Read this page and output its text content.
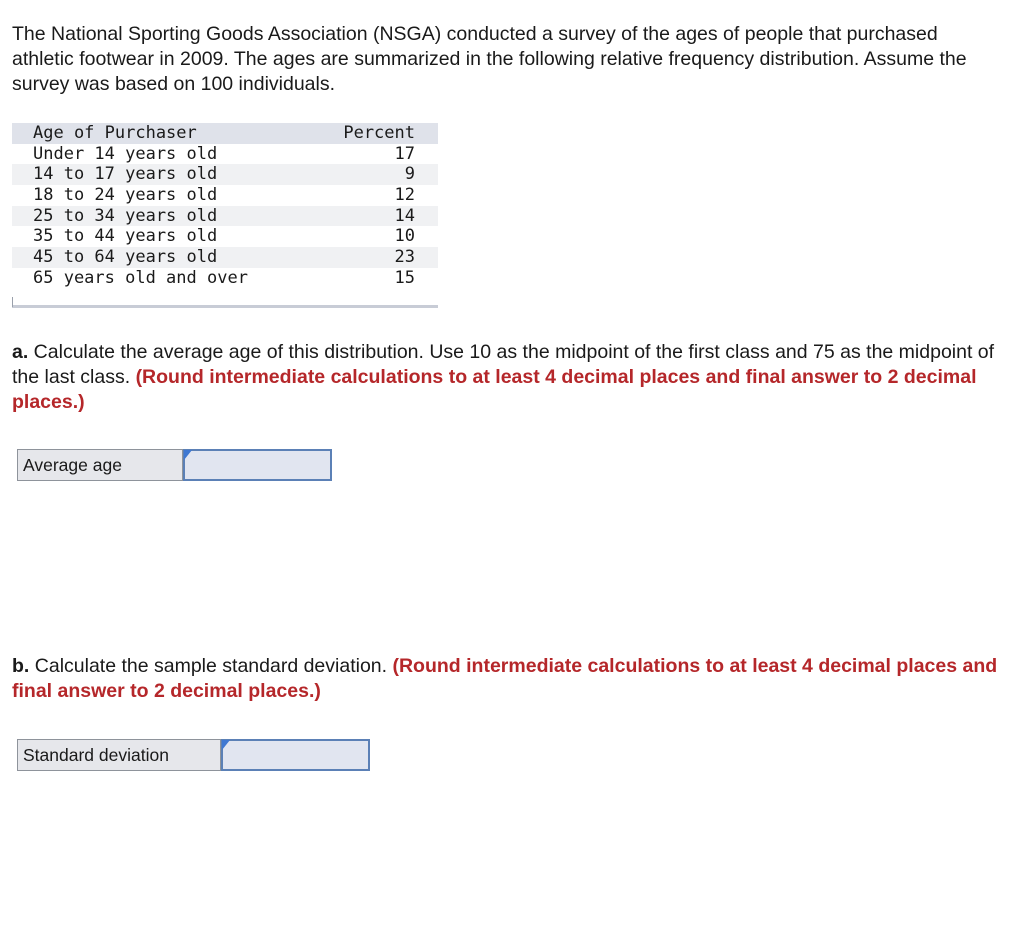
The National Sporting Goods Association (NSGA) conducted a survey of the ages of people that purchased athletic footwear in 2009. The ages are summarized in the following relative frequency distribution. Assume the survey was based on 100 individuals.
Age of Purchaser	Percent
Under 14 years old	17
14 to 17 years old	9
18 to 24 years old	12
25 to 34 years old	14
35 to 44 years old	10
45 to 64 years old	23
65 years old and over	15
a. Calculate the average age of this distribution. Use 10 as the midpoint of the first class and 75 as the midpoint of the last class. (Round intermediate calculations to at least 4 decimal places and final answer to 2 decimal places.)
Average age
b. Calculate the sample standard deviation. (Round intermediate calculations to at least 4 decimal places and final answer to 2 decimal places.)
Standard deviation
